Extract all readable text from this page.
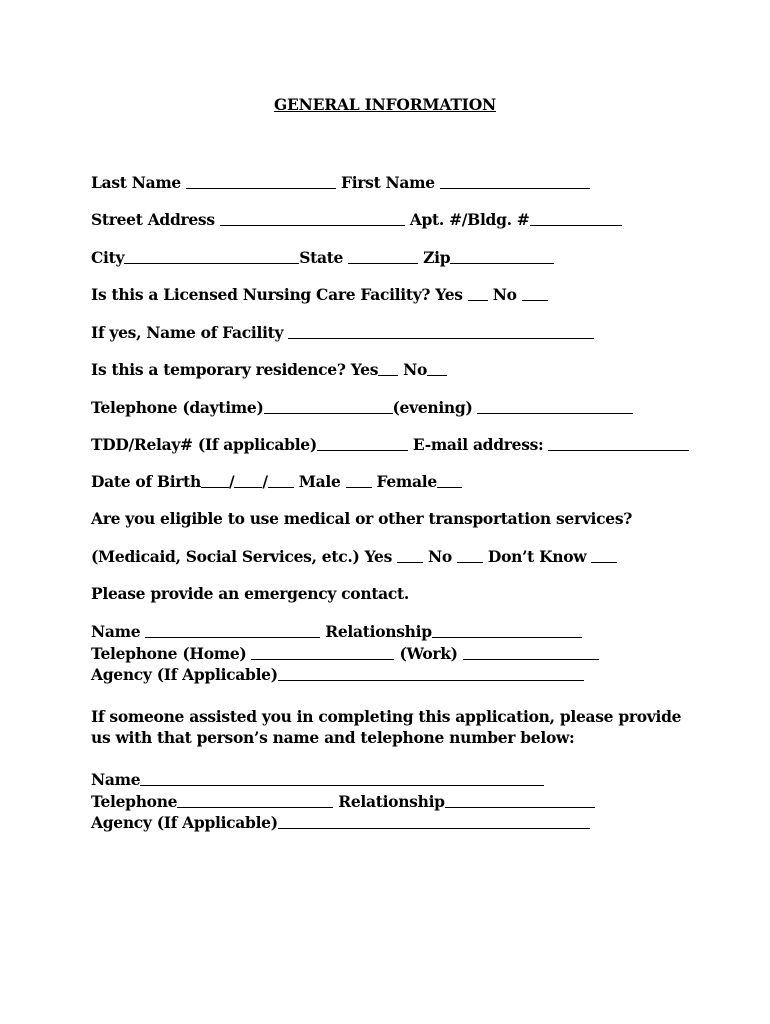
GENERAL INFORMATION
Last Name	First Name
Street Address	Apt. #/Bldg. #
City	State	Zip
Is this a Licensed Nursing Care Facility? Yes No
If yes, Name of Facility
Is this a temporary residence? Yes No
Telephone (daytime)	(evening)
TDD/Relay# (If applicable)	E-mail address:
Date of Birth / / Male Female
Are you eligible to use medical or other transportation services?
(Medicaid, Social Services, etc.) Yes No Don’t Know
Please provide an emergency contact.
Name	Relationship
Telephone (Home)	(Work)
Agency (If Applicable)
If someone assisted you in completing this application, please provide us with that person’s name and telephone number below:
Name
Telephone	Relationship
Agency (If Applicable)
